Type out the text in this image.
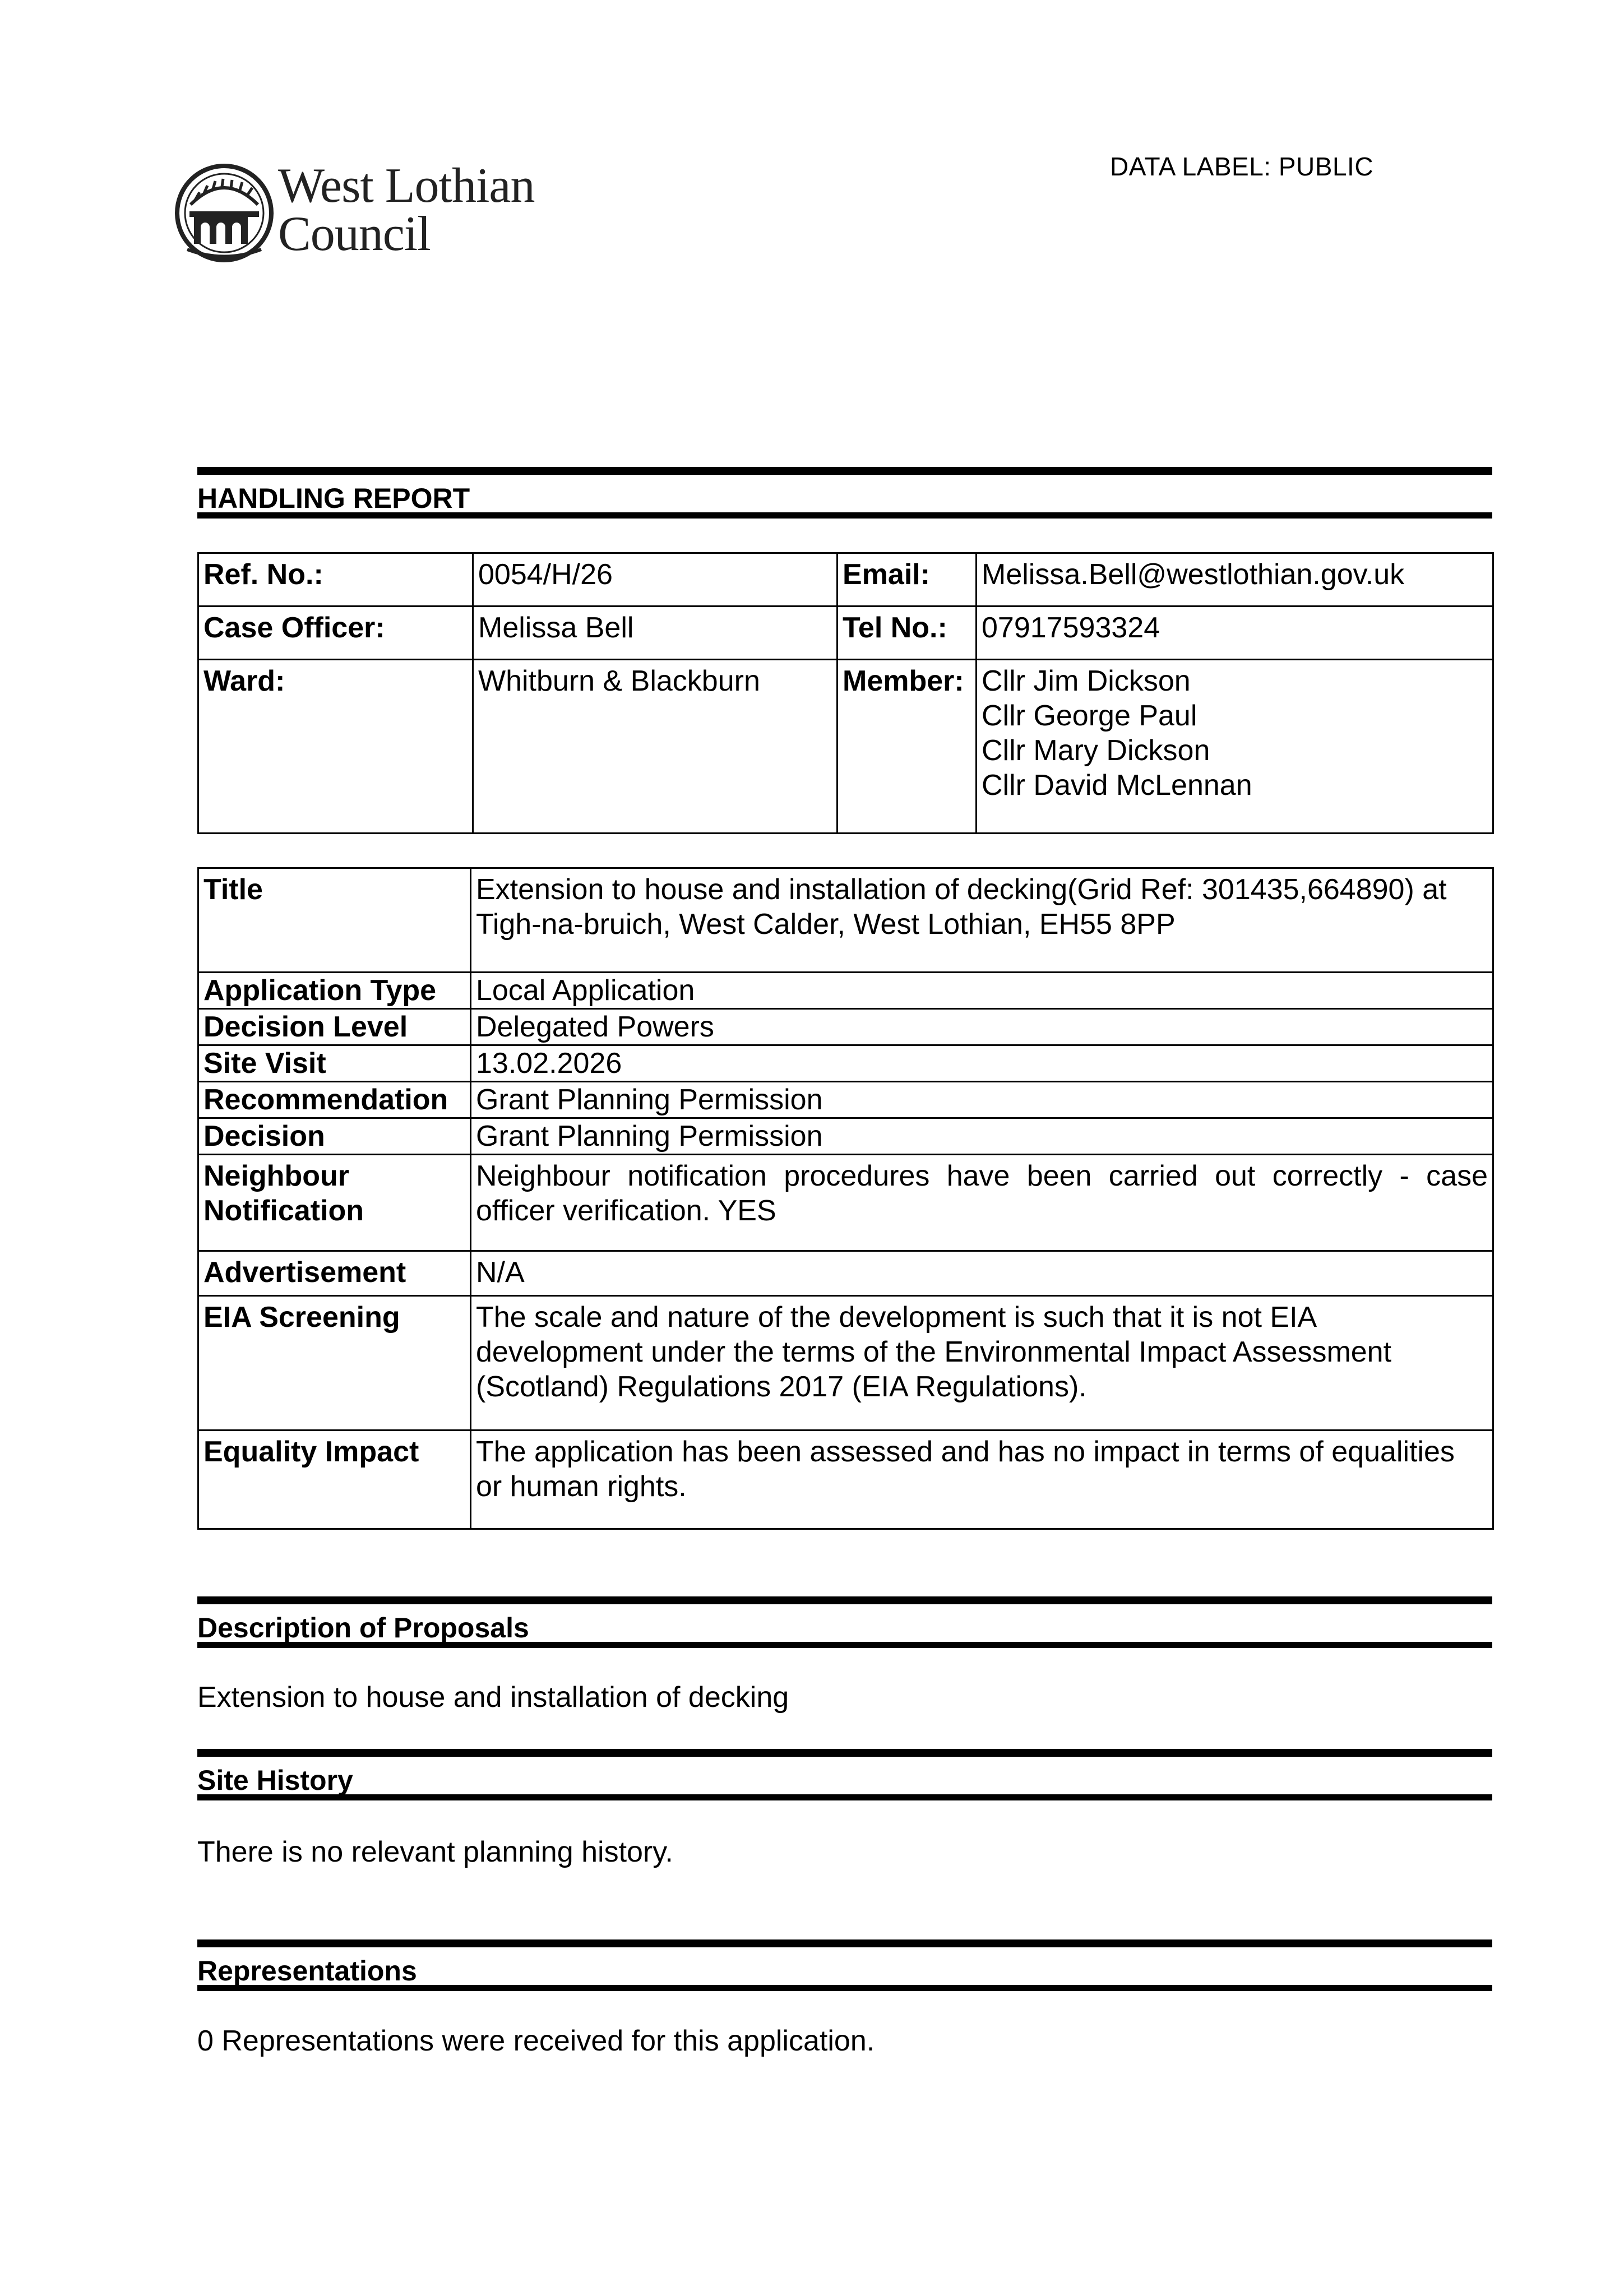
DATA LABEL: PUBLIC
West Lothian
Council
HANDLING REPORT
Ref. No.:	0054/H/26	Email:	Melissa.Bell@westlothian.gov.uk
Case Officer:	Melissa Bell	Tel No.:	07917593324
Ward:	Whitburn & Blackburn	Member:	Cllr Jim Dickson
Cllr George Paul
Cllr Mary Dickson
Cllr David McLennan
Title	Extension to house and installation of decking(Grid Ref: 301435,664890) at Tigh-na-bruich, West Calder, West Lothian, EH55 8PP
Application Type	Local Application
Decision Level	Delegated Powers
Site Visit	13.02.2026
Recommendation	Grant Planning Permission
Decision	Grant Planning Permission
Neighbour Notification	Neighbour notification procedures have been carried out correctly - case officer verification. YES
Advertisement	N/A
EIA Screening	The scale and nature of the development is such that it is not EIA development under the terms of the Environmental Impact Assessment (Scotland) Regulations 2017 (EIA Regulations).
Equality Impact	The application has been assessed and has no impact in terms of equalities or human rights.
Description of Proposals
Extension to house and installation of decking
Site History
There is no relevant planning history.
Representations
0 Representations were received for this application.
